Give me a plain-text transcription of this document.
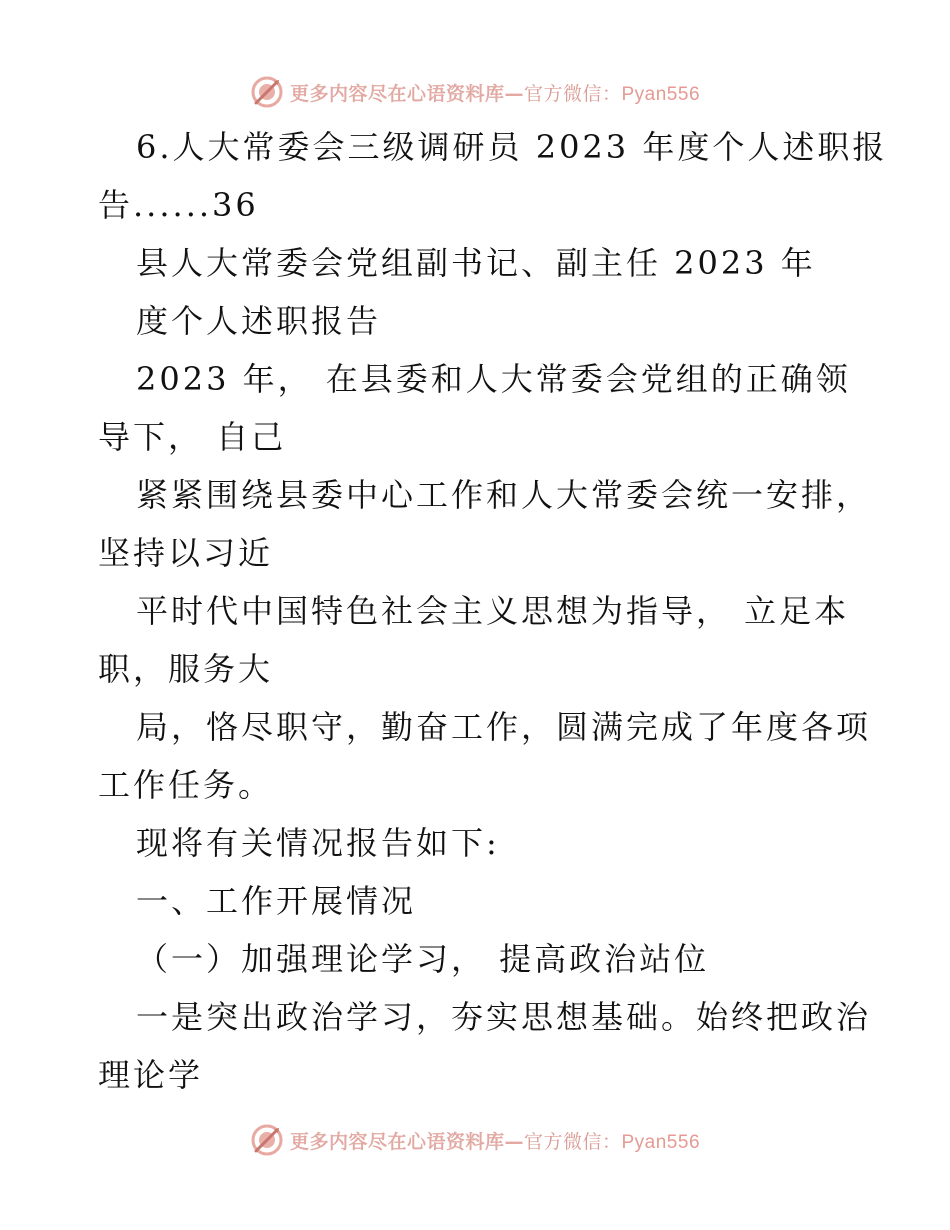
更多内容尽在心语资料库—官方微信：Pyan556
6.人大常委会三级调研员 2023 年度个人述职报
告......36
县人大常委会党组副书记、副主任 2023 年
度个人述职报告
2023 年， 在县委和人大常委会党组的正确领
导下， 自己
紧紧围绕县委中心工作和人大常委会统一安排，
坚持以习近
平时代中国特色社会主义思想为指导， 立足本
职，服务大
局，恪尽职守，勤奋工作，圆满完成了年度各项
工作任务。
现将有关情况报告如下:
一、工作开展情况
（一）加强理论学习， 提高政治站位
一是突出政治学习，夯实思想基础。始终把政治
理论学
更多内容尽在心语资料库—官方微信：Pyan556
